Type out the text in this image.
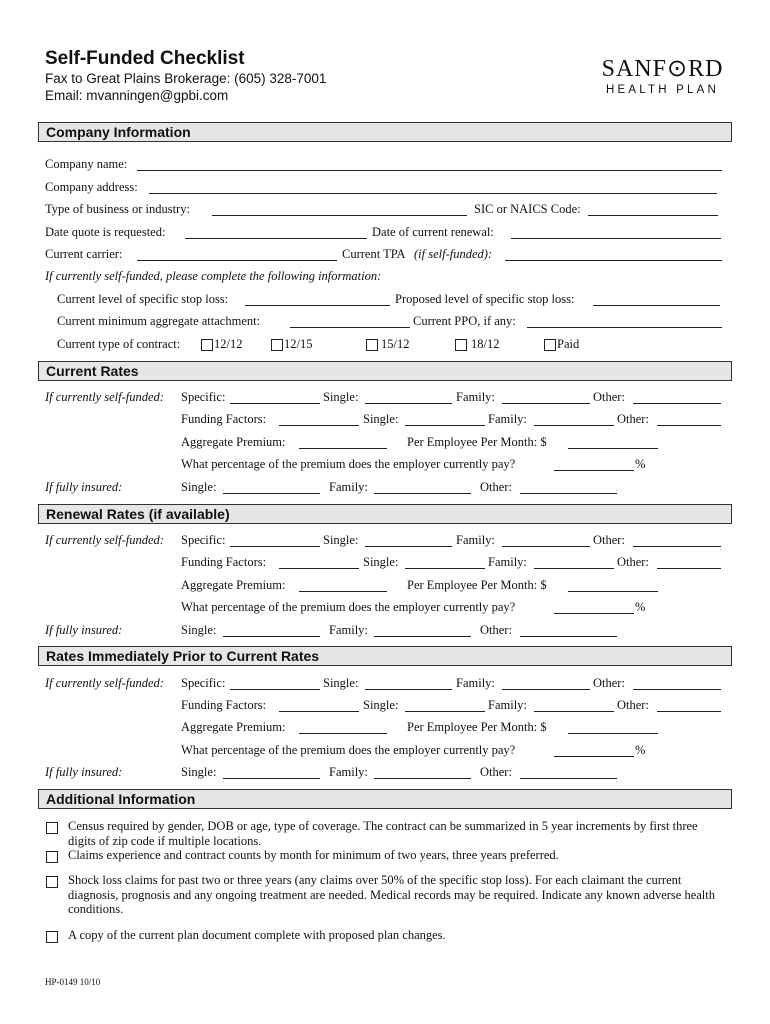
Self-Funded Checklist
Fax to Great Plains Brokerage: (605) 328-7001
Email: mvanningen@gpbi.com
SANF⊙RD
HEALTH PLAN
Company Information
Company name:
Company address:
Type of business or industry:	SIC or NAICS Code:
Date quote is requested:	Date of current renewal:
Current carrier:	Current TPA (if self-funded):
If currently self-funded, please complete the following information:
Current level of specific stop loss:	Proposed level of specific stop loss:
Current minimum aggregate attachment:	Current PPO, if any:
Current type of contract:	12/12	12/15	15/12	18/12	Paid
Current Rates
If currently self-funded: Specific:	Single:	Family:	Other:
Funding Factors:	Single:	Family:	Other:
Aggregate Premium:	Per Employee Per Month: $
What percentage of the premium does the employer currently pay?	%
If fully insured:	Single:	Family:	Other:
Renewal Rates (if available)
If currently self-funded: Specific:	Single:	Family:	Other:
Funding Factors:	Single:	Family:	Other:
Aggregate Premium:	Per Employee Per Month: $
What percentage of the premium does the employer currently pay?	%
If fully insured:	Single:	Family:	Other:
Rates Immediately Prior to Current Rates
If currently self-funded: Specific:	Single:	Family:	Other:
Funding Factors:	Single:	Family:	Other:
Aggregate Premium:	Per Employee Per Month: $
What percentage of the premium does the employer currently pay?	%
If fully insured:	Single:	Family:	Other:
Additional Information
Census required by gender, DOB or age, type of coverage. The contract can be summarized in 5 year increments by first three digits of zip code if multiple locations.
Claims experience and contract counts by month for minimum of two years, three years preferred.
Shock loss claims for past two or three years (any claims over 50% of the specific stop loss). For each claimant the current diagnosis, prognosis and any ongoing treatment are needed. Medical records may be required. Indicate any known adverse health conditions.
A copy of the current plan document complete with proposed plan changes.
HP-0149 10/10
